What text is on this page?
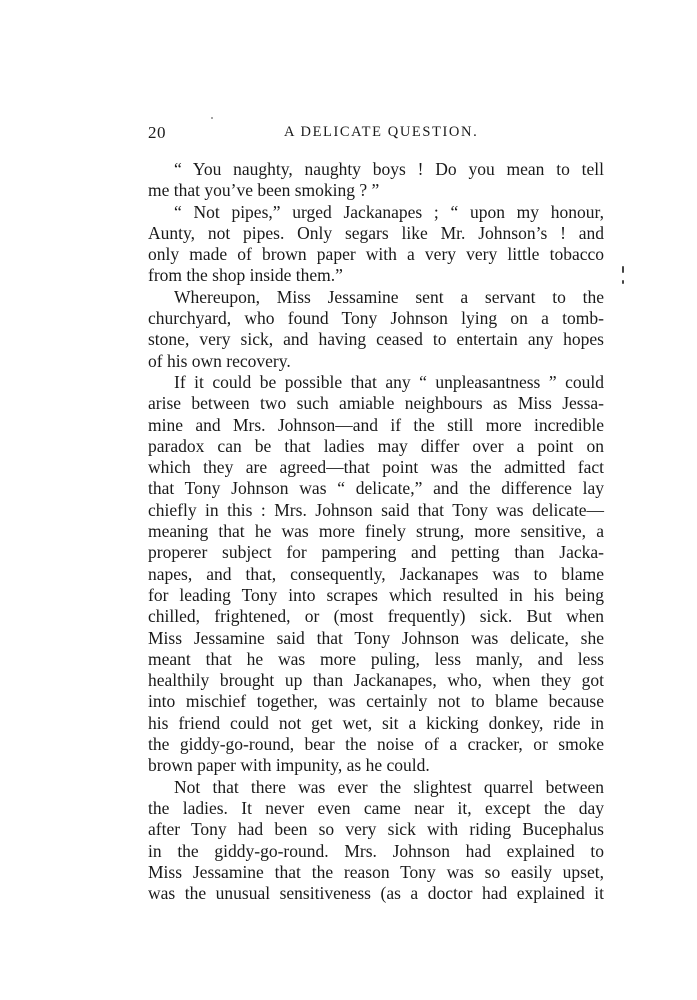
20	A DELICATE QUESTION.
“ You naughty, naughty boys ! Do you mean to tell
me that you’ve been smoking ? ”
“ Not pipes,” urged Jackanapes ; “ upon my honour,
Aunty, not pipes. Only segars like Mr. Johnson’s ! and
only made of brown paper with a very very little tobacco
from the shop inside them.”
Whereupon, Miss Jessamine sent a servant to the
churchyard, who found Tony Johnson lying on a tomb-
stone, very sick, and having ceased to entertain any hopes
of his own recovery.
If it could be possible that any “ unpleasantness ” could
arise between two such amiable neighbours as Miss Jessa-
mine and Mrs. Johnson—and if the still more incredible
paradox can be that ladies may differ over a point on
which they are agreed—that point was the admitted fact
that Tony Johnson was “ delicate,” and the difference lay
chiefly in this : Mrs. Johnson said that Tony was delicate—
meaning that he was more finely strung, more sensitive, a
properer subject for pampering and petting than Jacka-
napes, and that, consequently, Jackanapes was to blame
for leading Tony into scrapes which resulted in his being
chilled, frightened, or (most frequently) sick. But when
Miss Jessamine said that Tony Johnson was delicate, she
meant that he was more puling, less manly, and less
healthily brought up than Jackanapes, who, when they got
into mischief together, was certainly not to blame because
his friend could not get wet, sit a kicking donkey, ride in
the giddy-go-round, bear the noise of a cracker, or smoke
brown paper with impunity, as he could.
Not that there was ever the slightest quarrel between
the ladies. It never even came near it, except the day
after Tony had been so very sick with riding Bucephalus
in the giddy-go-round. Mrs. Johnson had explained to
Miss Jessamine that the reason Tony was so easily upset,
was the unusual sensitiveness (as a doctor had explained it
